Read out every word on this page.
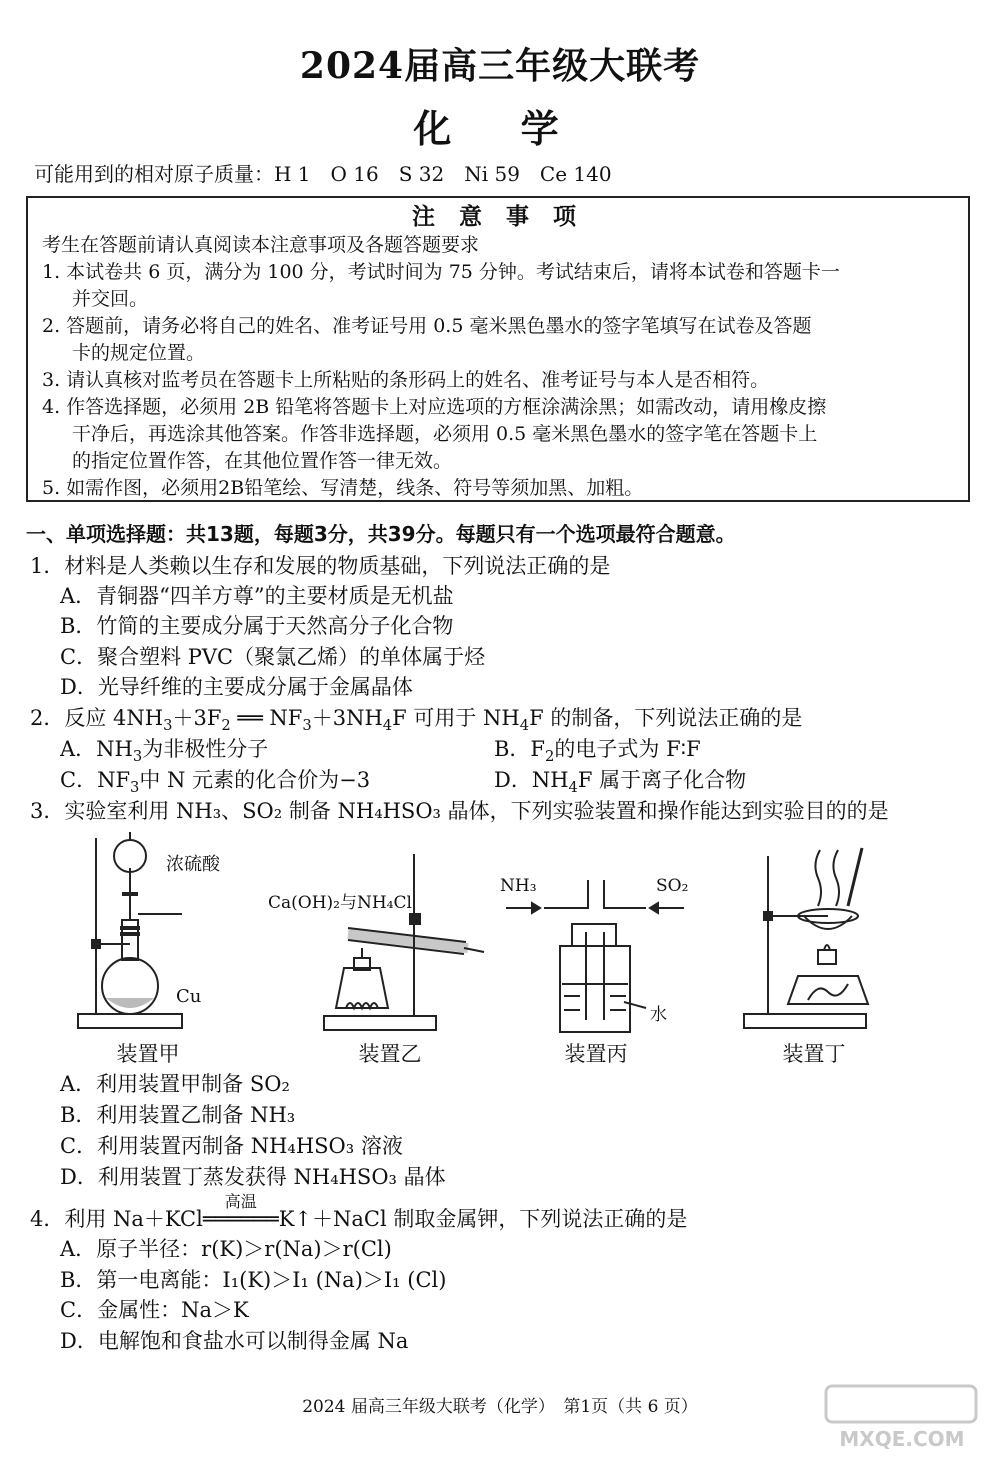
2024届高三年级大联考
化 学
可能用到的相对原子质量：H 1　O 16　S 32　Ni 59　Ce 140
注 意 事 项
考生在答题前请认真阅读本注意事项及各题答题要求
1. 本试卷共 6 页，满分为 100 分，考试时间为 75 分钟。考试结束后，请将本试卷和答题卡一
并交回。
2. 答题前，请务必将自己的姓名、准考证号用 0.5 毫米黑色墨水的签字笔填写在试卷及答题
卡的规定位置。
3. 请认真核对监考员在答题卡上所粘贴的条形码上的姓名、准考证号与本人是否相符。
4. 作答选择题，必须用 2B 铅笔将答题卡上对应选项的方框涂满涂黑；如需改动，请用橡皮擦
干净后，再选涂其他答案。作答非选择题，必须用 0.5 毫米黑色墨水的签字笔在答题卡上
的指定位置作答，在其他位置作答一律无效。
5. 如需作图，必须用2B铅笔绘、写清楚，线条、符号等须加黑、加粗。
一、单项选择题：共13题，每题3分，共39分。每题只有一个选项最符合题意。
1．材料是人类赖以生存和发展的物质基础，下列说法正确的是
A．青铜器“四羊方尊”的主要材质是无机盐
B．竹简的主要成分属于天然高分子化合物
C．聚合塑料 PVC（聚氯乙烯）的单体属于烃
D．光导纤维的主要成分属于金属晶体
2．反应 $4NH_3+3F_2$ ══ $NF_3+3NH_4F$ 可用于 $NH_4F$ 的制备，下列说法正确的是
A．$NH_3$为非极性分子	B．$F_2$的电子式为 F∶F
C．$NF_3$中 N 元素的化合价为−3	D．$NH_4F$ 属于离子化合物
3．实验室利用 NH₃、SO₂ 制备 NH₄HSO₃ 晶体，下列实验装置和操作能达到实验目的的是
浓硫酸
Cu
Ca(OH)₂与NH₄Cl
NH₃	SO₂
水
装置甲	装置乙	装置丙	装置丁
A．利用装置甲制备 SO₂
B．利用装置乙制备 NH₃
C．利用装置丙制备 NH₄HSO₃ 溶液
D．利用装置丁蒸发获得 NH₄HSO₃ 晶体
4．利用 Na＋KCl
高温
══════K↑＋NaCl 制取金属钾，下列说法正确的是
A．原子半径：r(K)＞r(Na)＞r(Cl)
B．第一电离能：I₁(K)＞I₁ (Na)＞I₁ (Cl)
C．金属性：Na＞K
D．电解饱和食盐水可以制得金属 Na
2024 届高三年级大联考（化学）　第1页（共 6 页）
MXQE.COM
